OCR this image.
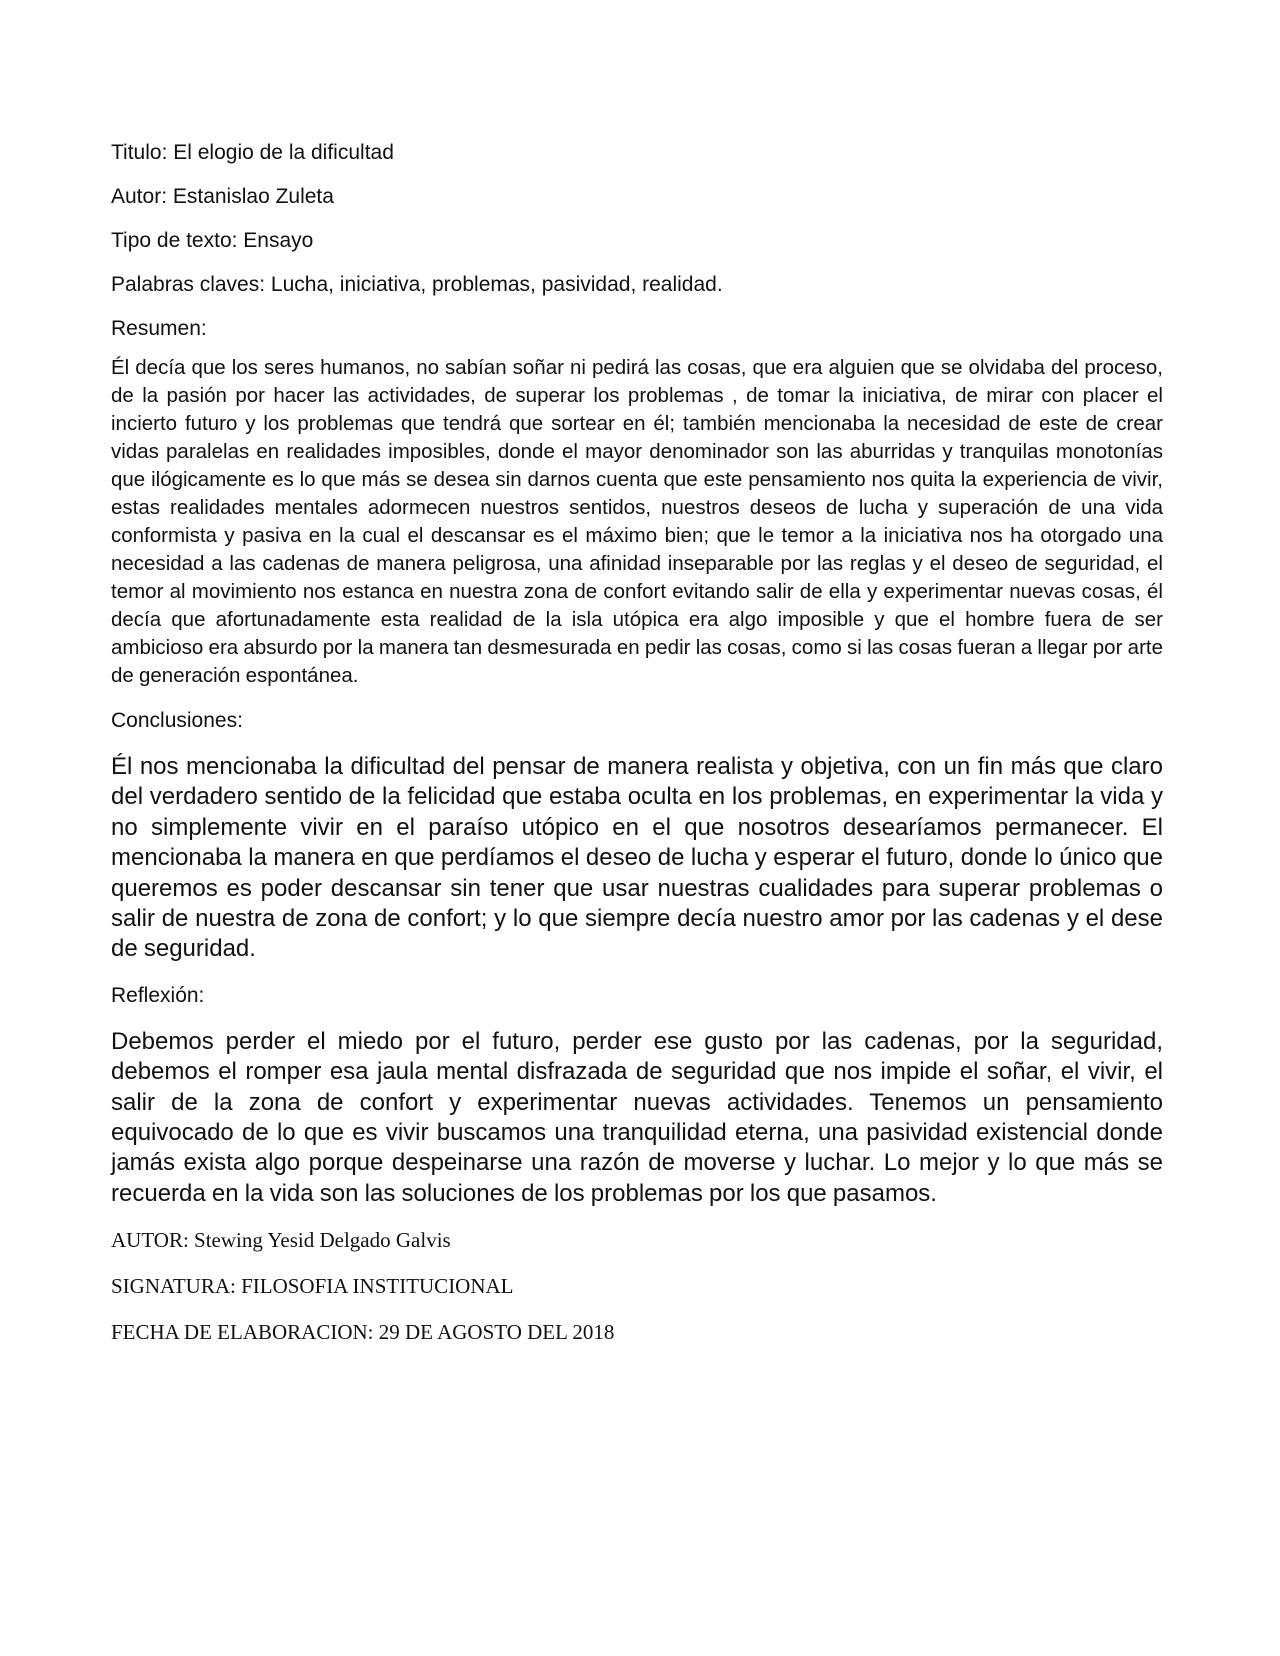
Titulo: El elogio de la dificultad

Autor: Estanislao Zuleta

Tipo de texto: Ensayo

Palabras claves: Lucha, iniciativa, problemas, pasividad, realidad.

Resumen:

Él decía que los seres humanos, no sabían soñar ni pedirá las cosas, que era alguien que se olvidaba del proceso, de la pasión por hacer las actividades, de superar los problemas , de tomar la iniciativa, de mirar con placer el incierto futuro y los problemas que tendrá que sortear en él; también mencionaba la necesidad de este de crear vidas paralelas en realidades imposibles, donde el mayor denominador son las aburridas y tranquilas monotonías que ilógicamente es lo que más se desea sin darnos cuenta que este pensamiento nos quita la experiencia de vivir, estas realidades mentales adormecen nuestros sentidos, nuestros deseos de lucha y superación de una vida conformista y pasiva en la cual el descansar es el máximo bien; que le temor a la iniciativa nos ha otorgado una necesidad a las cadenas de manera peligrosa, una afinidad inseparable por las reglas y el deseo de seguridad, el temor al movimiento nos estanca en nuestra zona de confort evitando salir de ella y experimentar nuevas cosas, él decía que afortunadamente esta realidad de la isla utópica era algo imposible y que el hombre fuera de ser ambicioso era absurdo por la manera tan desmesurada en pedir las cosas, como si las cosas fueran a llegar por arte de generación espontánea.

Conclusiones:

Él nos mencionaba la dificultad del pensar de manera realista y objetiva, con un fin más que claro del verdadero sentido de la felicidad que estaba oculta en los problemas, en experimentar la vida y no simplemente vivir en el paraíso utópico en el que nosotros desearíamos permanecer. El mencionaba la manera en que perdíamos el deseo de lucha y esperar el futuro, donde lo único que queremos es poder descansar sin tener que usar nuestras cualidades para superar problemas o salir de nuestra de zona de confort; y lo que siempre decía nuestro amor por las cadenas y el dese de seguridad.

Reflexión:

Debemos perder el miedo por el futuro, perder ese gusto por las cadenas, por la seguridad, debemos el romper esa jaula mental disfrazada de seguridad que nos impide el soñar, el vivir, el salir de la zona de confort y experimentar nuevas actividades. Tenemos un pensamiento equivocado de lo que es vivir buscamos una tranquilidad eterna, una pasividad existencial donde jamás exista algo porque despeinarse una razón de moverse y luchar. Lo mejor y lo que más se recuerda en la vida son las soluciones de los problemas por los que pasamos.

AUTOR: Stewing Yesid Delgado Galvis

SIGNATURA: FILOSOFIA INSTITUCIONAL

FECHA DE ELABORACION: 29 DE AGOSTO DEL 2018
